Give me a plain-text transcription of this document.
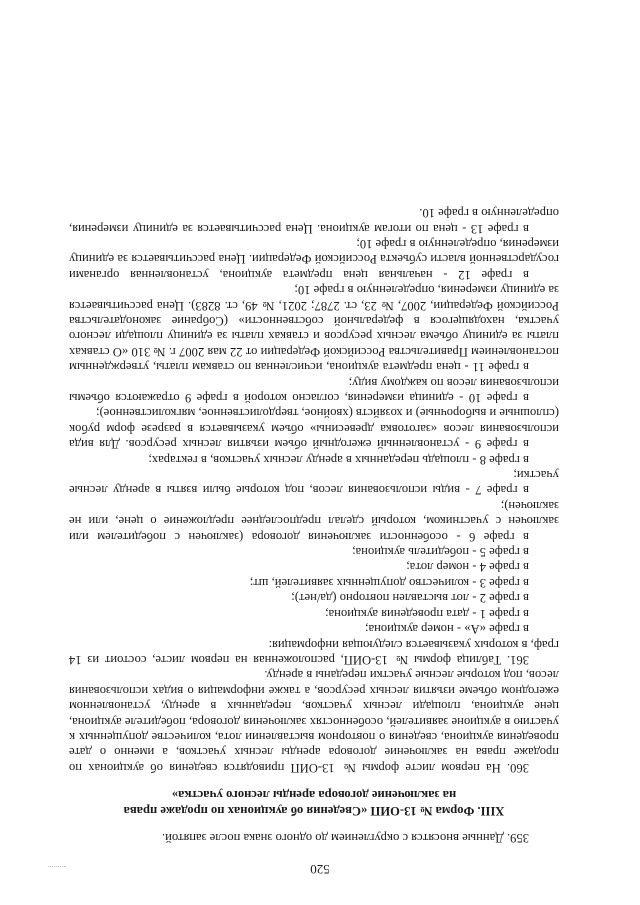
520

359. Данные вносятся с округлением до одного знака после запятой.

XIII. Форма № 13-ОИП «Сведения об аукционах по продаже права
на заключение договора аренды лесного участка»

360. На первом листе формы № 13-ОИП приводятся сведения об аукционах по продаже права на заключение договора аренды лесных участков, а именно о дате проведения аукциона, сведения о повторном выставлении лота, количестве допущенных к участию в аукционе заявителей, особенностях заключения договора, победителе аукциона, цене аукциона, площади лесных участков, переданных в аренду, установленном ежегодном объеме изъятия лесных ресурсов, а также информация о видах использования лесов, под которые лесные участки переданы в аренду.

361. Таблица формы № 13-ОИП, расположенная на первом листе, состоит из 14 граф, в которых указывается следующая информация:

в графе «А» - номер аукциона;

в графе 1 - дата проведения аукциона;

в графе 2 - лот выставлен повторно (да/нет);

в графе 3 - количество допущенных заявителей, шт;

в графе 4 - номер лота;

в графе 5 - победитель аукциона;

в графе 6 - особенности заключения договора (заключен с победителем или заключен с участником, который сделал предпоследнее предложение о цене, или не заключен);

в графе 7 - виды использования лесов, под которые были взяты в аренду лесные участки;

в графе 8 - площадь переданных в аренду лесных участков, в гектарах;

в графе 9 - установленный ежегодный объем изъятия лесных ресурсов. Для вида использования лесов «заготовка древесины» объем указывается в разрезе форм рубок (сплошные и выборочные) и хозяйств (хвойное, твердолиственное, мягколиственное);

в графе 10 - единица измерения, согласно которой в графе 9 отражаются объемы использования лесов по каждому виду;

в графе 11 - цена предмета аукциона, исчисленная по ставкам платы, утвержденным постановлением Правительства Российской Федерации от 22 мая 2007 г. № 310 «О ставках платы за единицу объема лесных ресурсов и ставках платы за единицу площади лесного участка, находящегося в федеральной собственности» (Собрание законодательства Российской Федерации, 2007, № 23, ст. 2787; 2021, № 49, ст. 8283). Цена рассчитывается за единицу измерения, определенную в графе 10;

в графе 12 - начальная цена предмета аукциона, установленная органами государственной власти субъекта Российской Федерации. Цена рассчитывается за единицу измерения, определенную в графе 10;

в графе 13 - цена по итогам аукциона. Цена рассчитывается за единицу измерения, определенную в графе 10.
